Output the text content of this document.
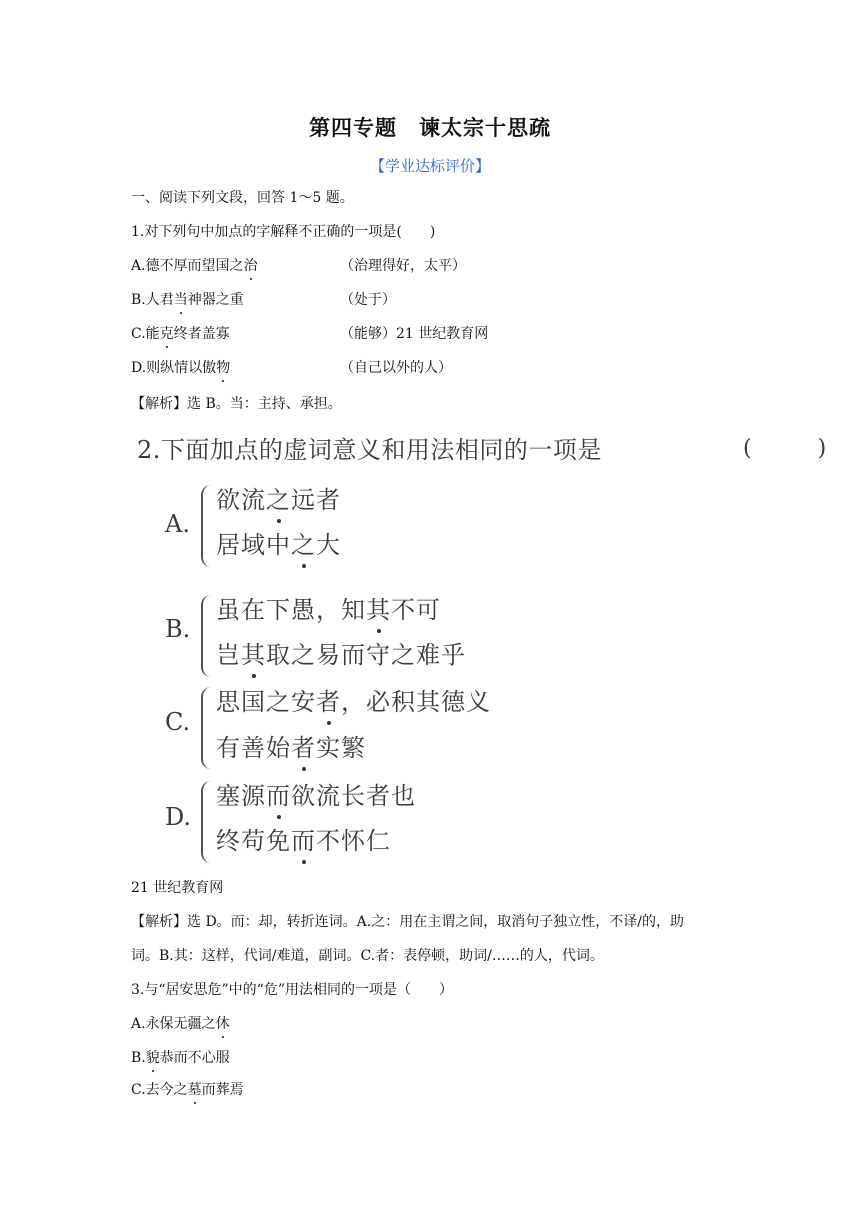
第四专题　谏太宗十思疏
【学业达标评价】
一、阅读下列文段，回答 1～5 题。
1.对下列句中加点的字解释不正确的一项是(　　)
A.德不厚而望国之治	（治理得好，太平）
B.人君当神器之重	（处于）
C.能克终者盖寡	（能够）21 世纪教育网
D.则纵情以傲物	（自己以外的人）
【解析】选 B。当：主持、承担。
2.下面加点的虚词意义和用法相同的一项是	(　　　)
A.
欲流之远者
居域中之大
B.
虽在下愚，知其不可
岂其取之易而守之难乎
C.
思国之安者，必积其德义
有善始者实繁
D.
塞源而欲流长者也
终苟免而不怀仁
21 世纪教育网
【解析】选 D。而：却，转折连词。A.之：用在主谓之间，取消句子独立性，不译/的，助
词。B.其：这样，代词/难道，副词。C.者：表停顿，助词/……的人，代词。
3.与“居安思危”中的“危”用法相同的一项是（　　）
A.永保无疆之休
B.貌恭而不心服
C.去今之墓而葬焉
